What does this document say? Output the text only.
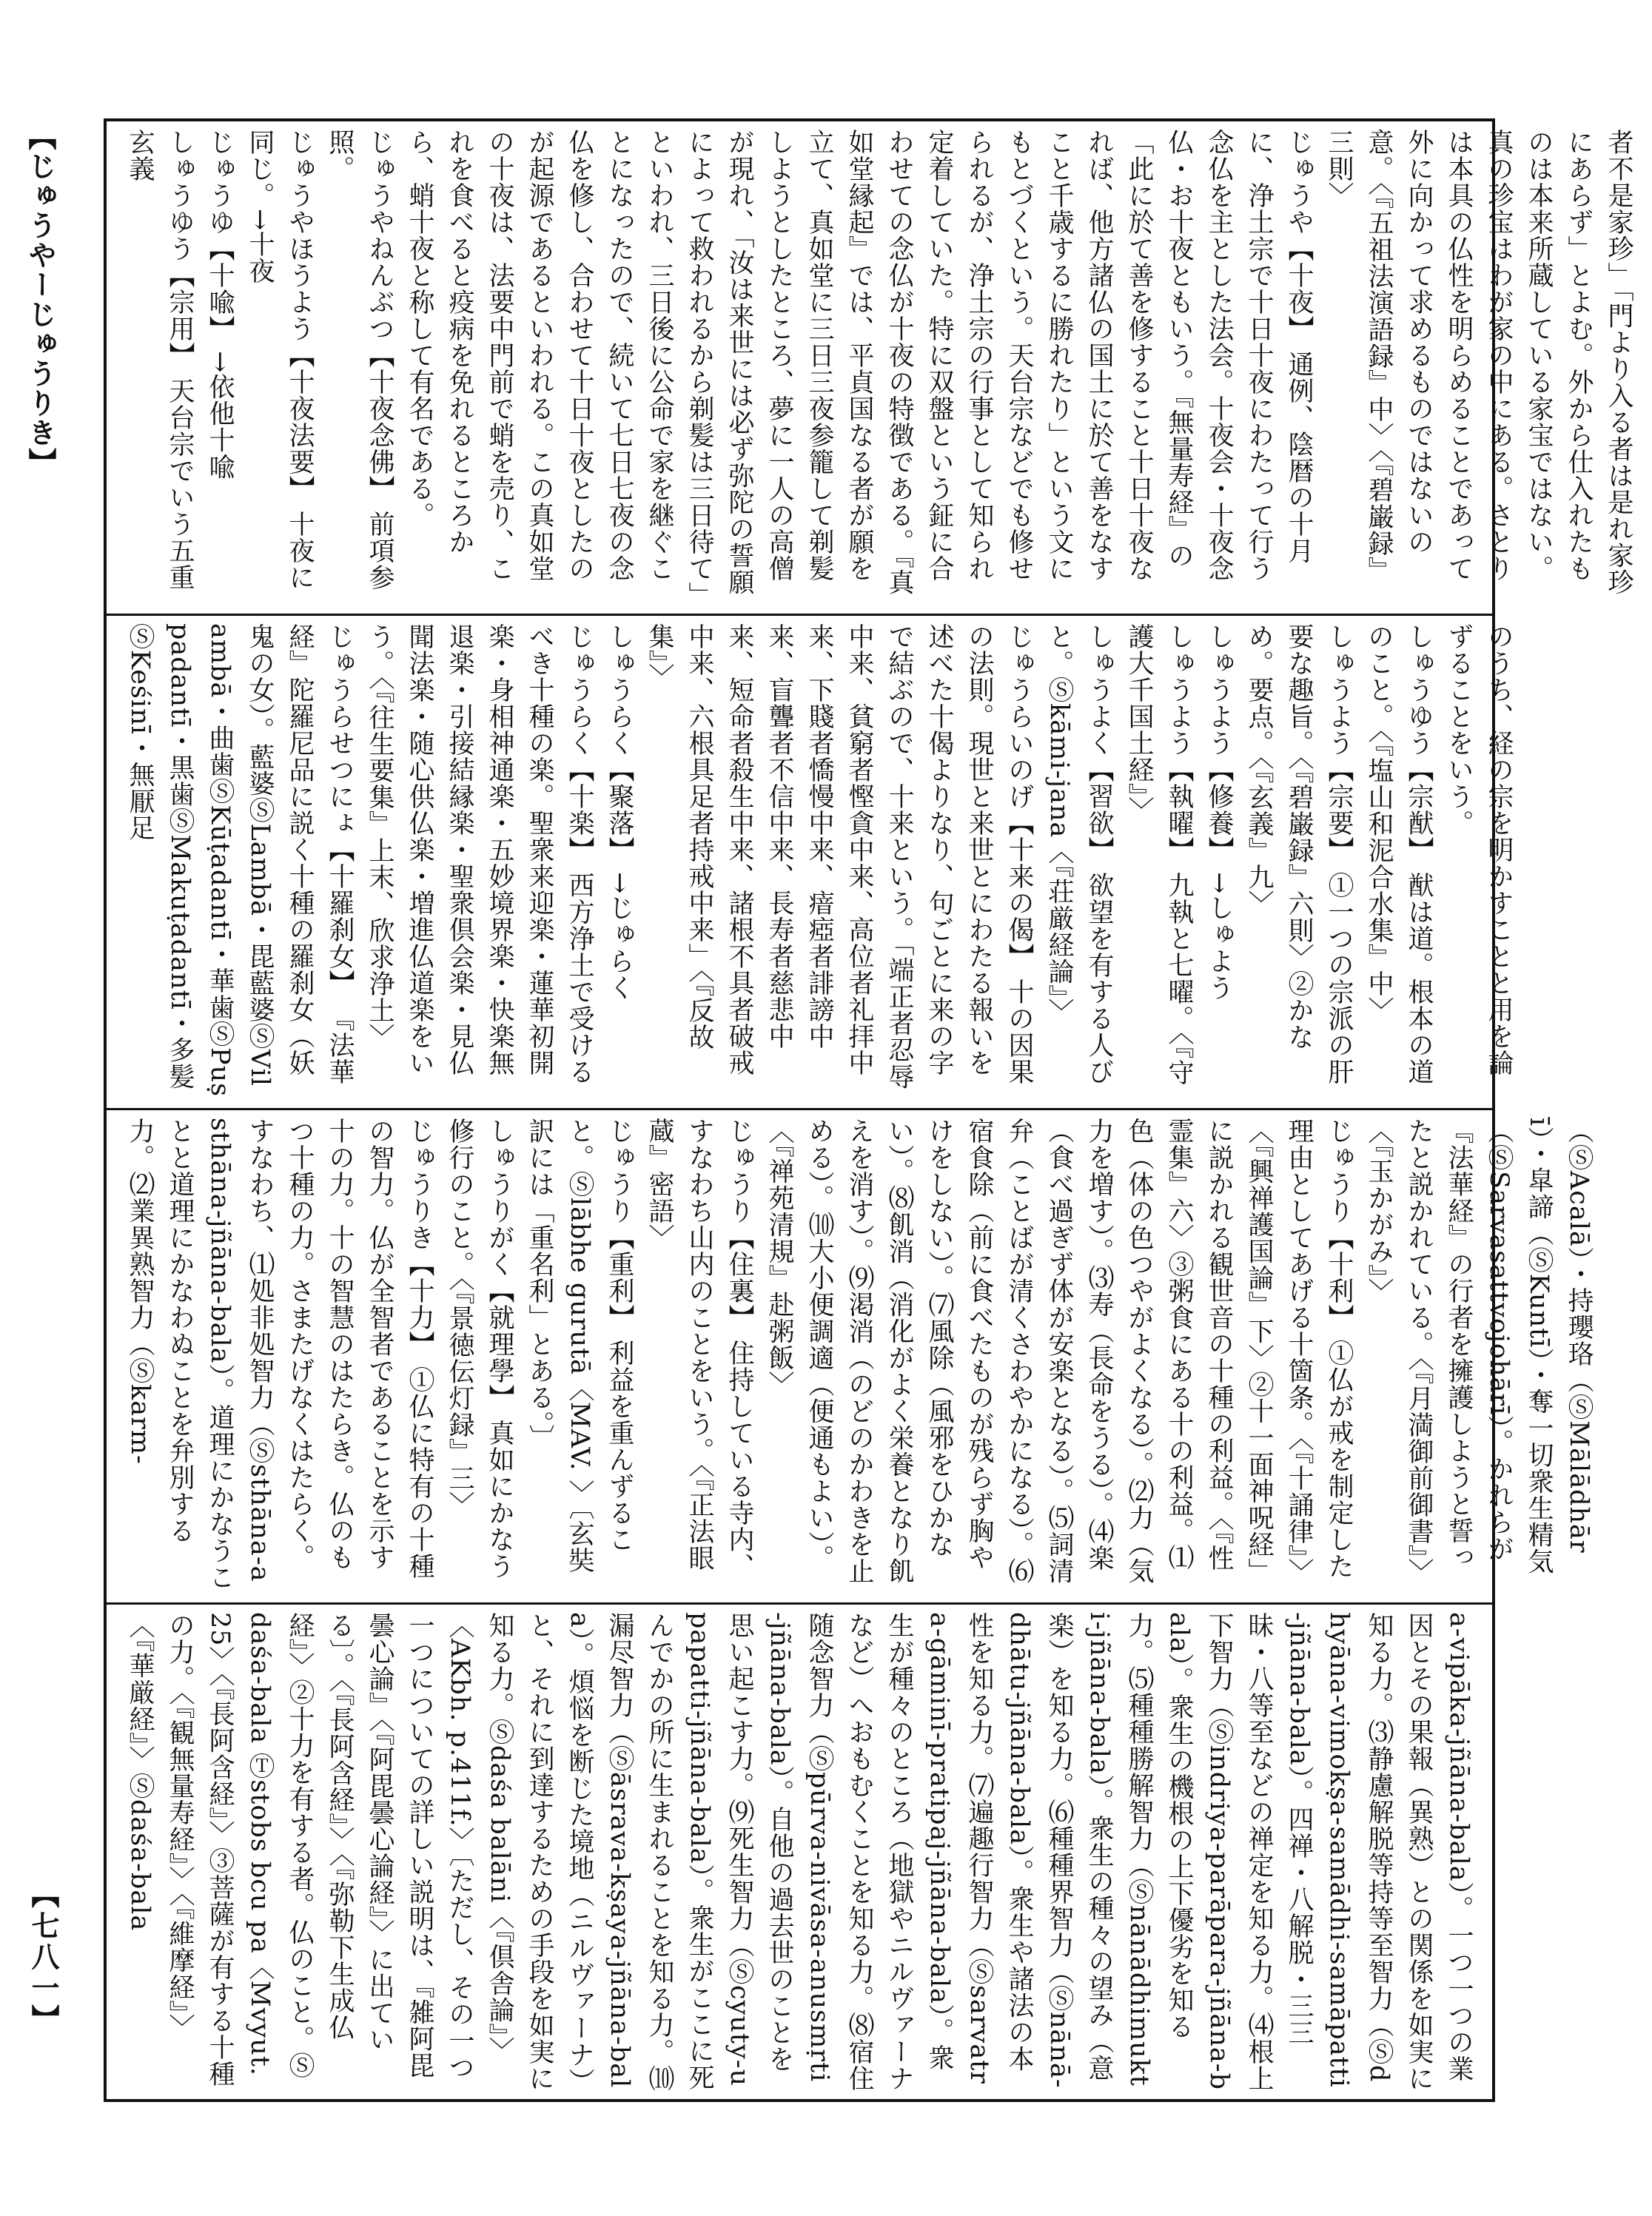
【じゅうやーじゅうりき】
【七八一】
者不是家珍」「門より入る者は是れ家珍にあらず」とよむ。外から仕入れたものは本来所蔵している家宝ではない。真の珍宝はわが家の中にある。さとりは本具の仏性を明らめることであって外に向かって求めるものではないの意。〈『五祖法演語録』中〉〈『碧巌録』三則〉
じゅうや【十夜】 通例、陰暦の十月に、浄土宗で十日十夜にわたって行う念仏を主とした法会。十夜会・十夜念仏・お十夜ともいう。『無量寿経』の「此に於て善を修すること十日十夜なれば、他方諸仏の国土に於て善をなすこと千歳するに勝れたり」という文にもとづくという。天台宗などでも修せられるが、浄土宗の行事として知られ定着していた。特に双盤という鉦に合わせての念仏が十夜の特徴である。『真如堂縁起』では、平貞国なる者が願を立て、真如堂に三日三夜参籠して剃髪しようとしたところ、夢に一人の高僧が現れ、「汝は来世には必ず弥陀の誓願によって救われるから剃髪は三日待て」といわれ、三日後に公命で家を継ぐことになったので、続いて七日七夜の念仏を修し、合わせて十日十夜としたのが起源であるといわれる。この真如堂の十夜は、法要中門前で蛸を売り、これを食べると疫病を免れるところから、蛸十夜と称して有名である。
じゅうやねんぶつ【十夜念佛】 前項参照。
じゅうやほうよう【十夜法要】 十夜に同じ。→十夜
じゅうゆ【十喩】 →依他十喩
しゅうゆう【宗用】 天台宗でいう五重玄義
のうち、経の宗を明かすことと用を論ずることをいう。
しゅうゆう【宗猷】 猷は道。根本の道のこと。〈『塩山和泥合水集』中〉
しゅうよう【宗要】 ①一つの宗派の肝要な趣旨。〈『碧巌録』六則〉②かなめ。要点。〈『玄義』九〉
しゅうよう【修養】 →しゅよう
しゅうよう【執曜】 九執と七曜。〈『守護大千国土経』〉
しゅうよく【習欲】 欲望を有する人びと。Ⓢkāmi-jana〈『荘厳経論』〉
じゅうらいのげ【十来の偈】 十の因果の法則。現世と来世とにわたる報いを述べた十偈よりなり、句ごとに来の字で結ぶので、十来という。「端正者忍辱中来、貧窮者慳貪中来、高位者礼拝中来、下賤者憍慢中来、瘖瘂者誹謗中来、盲聾者不信中来、長寿者慈悲中来、短命者殺生中来、諸根不具者破戒中来、六根具足者持戒中来」〈『反故集』〉
しゅうらく【聚落】 →じゅらく
じゅうらく【十楽】 西方浄土で受けるべき十種の楽。聖衆来迎楽・蓮華初開楽・身相神通楽・五妙境界楽・快楽無退楽・引接結縁楽・聖衆倶会楽・見仏聞法楽・随心供仏楽・増進仏道楽をいう。〈『往生要集』上末、欣求浄土〉
じゅうらせつにょ【十羅刹女】 『法華経』陀羅尼品に説く十種の羅刹女（妖鬼の女）。藍婆ⓈLambā・毘藍婆ⓈVilambā・曲歯ⓈKūṭadantī・華歯ⓈPuṣpadantī・黒歯ⓈMakuṭadantī・多髪ⓈKeśinī・無厭足
（ⓈAcalā）・持瓔珞（ⓈMālādhārī）・皐諦（ⓈKuntī）・奪一切衆生精気（ⓈSarvasattvojohārī）。かれらが『法華経』の行者を擁護しようと誓ったと説かれている。〈『月満御前御書』〉〈『玉かがみ』〉
じゅうり【十利】 ①仏が戒を制定した理由としてあげる十箇条。〈『十誦律』〉〈『興禅護国論』下〉②十一面神呪経」に説かれる観世音の十種の利益。〈『性霊集』六〉③粥食にある十の利益。⑴色（体の色つやがよくなる）。⑵力（気力を増す）。⑶寿（長命をうる）。⑷楽（食べ過ぎず体が安楽となる）。⑸詞清弁（ことばが清くさわやかになる）。⑹宿食除（前に食べたものが残らず胸やけをしない）。⑺風除（風邪をひかない）。⑻飢消（消化がよく栄養となり飢えを消す）。⑼渇消（のどのかわきを止める）。⑽大小便調適（便通もよい）。〈『禅苑清規』赴粥飯〉
じゅうり【住裏】 住持している寺内、すなわち山内のことをいう。〈『正法眼蔵』密語〉
じゅうり【重利】 利益を重んずること。Ⓢlābhe gurutā〈MAV. 〉〔玄奘訳には「重名利」とある。〕
しゅうりがく【就理學】 真如にかなう修行のこと。〈『景徳伝灯録』三〉
じゅうりき【十力】 ①仏に特有の十種の智力。仏が全智者であることを示す十の力。十の智慧のはたらき。仏のもつ十種の力。さまたげなくはたらく。すなわち、⑴処非処智力（Ⓢsthāna-asthāna-jñāna-bala）。道理にかなうことと道理にかなわぬことを弁別する力。⑵業異熟智力（Ⓢkarm-
a-vipāka-jñāna-bala）。一つ一つの業因とその果報（異熟）との関係を如実に知る力。⑶静慮解脱等持等至智力（Ⓢdhyāna-vimokṣa-samādhi-samāpatti-jñāna-bala）。四禅・八解脱・三三昧・八等至などの禅定を知る力。⑷根上下智力（Ⓢindriya-parāpara-jñāna-bala）。衆生の機根の上下優劣を知る力。⑸種種勝解智力（Ⓢnānādhimukti-jñāna-bala）。衆生の種々の望み（意楽）を知る力。⑹種種界智力（Ⓢnānā-dhātu-jñāna-bala）。衆生や諸法の本性を知る力。⑺遍趣行智力（Ⓢsarvatra-gāminī-pratipaj-jñāna-bala）。衆生が種々のところ（地獄やニルヴァーナなど）へおもむくことを知る力。⑻宿住随念智力（Ⓢpūrva-nivāsa-anusmṛti-jñāna-bala）。自他の過去世のことを思い起こす力。⑼死生智力（Ⓢcyuty-upapatti-jñāna-bala）。衆生がここに死んでかの所に生まれることを知る力。⑽漏尽智力（Ⓢāsrava-kṣaya-jñāna-bala）。煩悩を断じた境地（ニルヴァーナ）と、それに到達するための手段を如実に知る力。Ⓢdaśa balāni〈『倶舎論』〉〈AKbh. p.411f.〉〔ただし、その一つ一つについての詳しい説明は、『雑阿毘曇心論』〈『阿毘曇心論経』〉に出ている〕。〈『長阿含経』〉〈『弥勒下生成仏経』〉②十力を有する者。仏のこと。Ⓢdaśa-bala Ⓣstobs bcu pa〈Mvyut. 25〉〈『長阿含経』〉③菩薩が有する十種の力。〈『観無量寿経』〉〈『維摩経』〉〈『華厳経』〉Ⓢdaśa-bala
